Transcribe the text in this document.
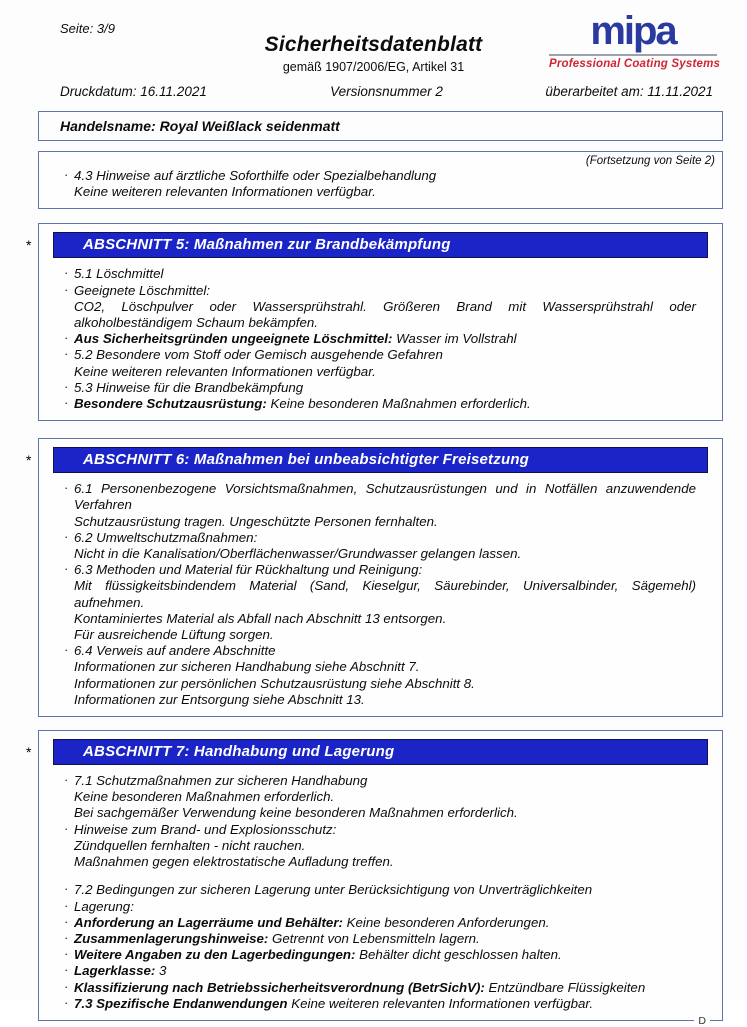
Seite: 3/9
Sicherheitsdatenblatt
gemäß 1907/2006/EG, Artikel 31
mipa
Professional Coating Systems
Druckdatum: 16.11.2021	Versionsnummer 2	überarbeitet am: 11.11.2021
Handelsname: Royal Weißlack seidenmatt
(Fortsetzung von Seite 2)
· 4.3 Hinweise auf ärztliche Soforthilfe oder Spezialbehandlung
Keine weiteren relevanten Informationen verfügbar.
*	ABSCHNITT 5: Maßnahmen zur Brandbekämpfung
· 5.1 Löschmittel
· Geeignete Löschmittel:
CO2, Löschpulver oder Wassersprühstrahl. Größeren Brand mit Wassersprühstrahl oder alkoholbeständigem Schaum bekämpfen.
· Aus Sicherheitsgründen ungeeignete Löschmittel: Wasser im Vollstrahl
· 5.2 Besondere vom Stoff oder Gemisch ausgehende Gefahren
Keine weiteren relevanten Informationen verfügbar.
· 5.3 Hinweise für die Brandbekämpfung
· Besondere Schutzausrüstung: Keine besonderen Maßnahmen erforderlich.
*	ABSCHNITT 6: Maßnahmen bei unbeabsichtigter Freisetzung
· 6.1 Personenbezogene Vorsichtsmaßnahmen, Schutzausrüstungen und in Notfällen anzuwendende Verfahren
Schutzausrüstung tragen. Ungeschützte Personen fernhalten.
· 6.2 Umweltschutzmaßnahmen:
Nicht in die Kanalisation/Oberflächenwasser/Grundwasser gelangen lassen.
· 6.3 Methoden und Material für Rückhaltung und Reinigung:
Mit flüssigkeitsbindendem Material (Sand, Kieselgur, Säurebinder, Universalbinder, Sägemehl) aufnehmen.
Kontaminiertes Material als Abfall nach Abschnitt 13 entsorgen.
Für ausreichende Lüftung sorgen.
· 6.4 Verweis auf andere Abschnitte
Informationen zur sicheren Handhabung siehe Abschnitt 7.
Informationen zur persönlichen Schutzausrüstung siehe Abschnitt 8.
Informationen zur Entsorgung siehe Abschnitt 13.
*	ABSCHNITT 7: Handhabung und Lagerung
· 7.1 Schutzmaßnahmen zur sicheren Handhabung
Keine besonderen Maßnahmen erforderlich.
Bei sachgemäßer Verwendung keine besonderen Maßnahmen erforderlich.
· Hinweise zum Brand- und Explosionsschutz:
Zündquellen fernhalten - nicht rauchen.
Maßnahmen gegen elektrostatische Aufladung treffen.
· 7.2 Bedingungen zur sicheren Lagerung unter Berücksichtigung von Unverträglichkeiten
· Lagerung:
· Anforderung an Lagerräume und Behälter: Keine besonderen Anforderungen.
· Zusammenlagerungshinweise: Getrennt von Lebensmitteln lagern.
· Weitere Angaben zu den Lagerbedingungen: Behälter dicht geschlossen halten.
· Lagerklasse: 3
· Klassifizierung nach Betriebssicherheitsverordnung (BetrSichV): Entzündbare Flüssigkeiten
· 7.3 Spezifische Endanwendungen Keine weiteren relevanten Informationen verfügbar.
D
